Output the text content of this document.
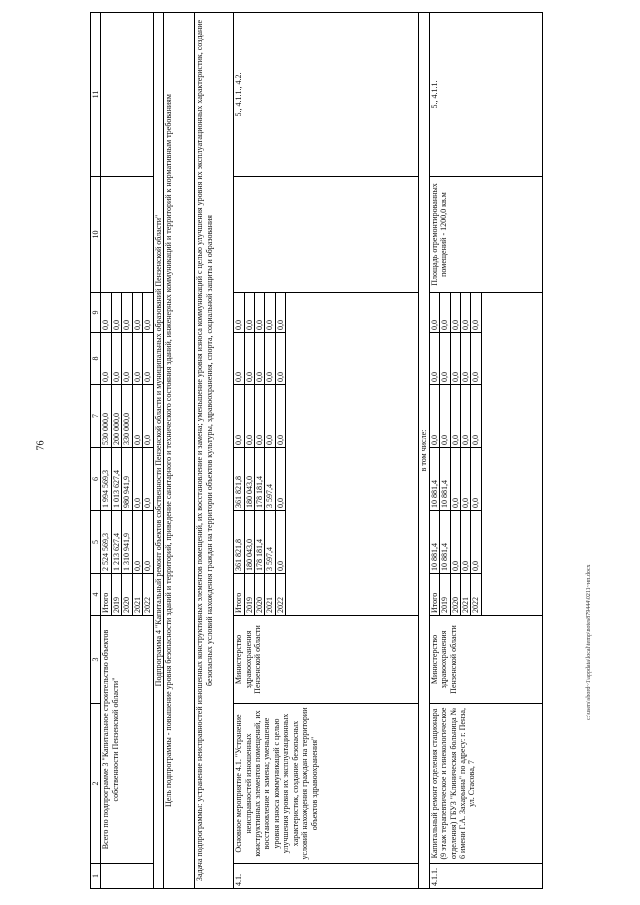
76
c:\users\sbord~1\appdata\local\temp\notes879444\0211~нп.docx
1	2	3	4	5	6	7	8	9	10	11
	Всего по подпрограмме 3 "Капитальное строительство объектов собственности Пензенской области"		Итого	2 524 569,3	1 994 569,3	530 000,0	0,0	0,0		
			2019	1 213 627,4	1 013 627,4	200 000,0	0,0	0,0		
			2020	1 310 941,9	980 941,9	330 000,0	0,0	0,0		
			2021	0,0	0,0	0,0	0,0	0,0		
			2022	0,0	0,0	0,0	0,0	0,0		
Подпрограмма 4 "Капитальный ремонт объектов собственности Пензенской области и муниципальных образований Пензенской области"										
Цель подпрограммы - повышение уровня безопасности зданий и территорий, приведение санитарного и технического состояния зданий, инженерных коммуникаций и территорий к нормативным требованиям										
Задача подпрограммы: устранение неисправностей изношенных конструктивных элементов помещений, их восстановление и замена; уменьшение уровня износа коммуникаций с целью улучшения уровня их эксплуатационных характеристик, создание безопасных условий нахождения граждан на территории объектов культуры, здравоохранения, спорта, социальной защиты и образования										
4.1.	Основное мероприятие 4.1. "Устранение неисправностей изношенных конструктивных элементов помещений, их восстановление и замена; уменьшение уровня износа коммуникаций с целью улучшения уровня их эксплуатационных характеристик, создание безопасных условий нахождения граждан на территории объектов здравоохранения"	Министерство здравоохранения Пензенской области	Итого	361 821,8	361 821,8	0,0	0,0	0,0		5., 4.1.1., 4.2.
			2019	180 043,0	180 043,0	0,0	0,0	0,0		
			2020	178 181,4	178 181,4	0,0	0,0	0,0		
			2021	3 597,4	3 597,4	0,0	0,0	0,0		
			2022	0,0	0,0	0,0	0,0	0,0		

в том числе:										
4.1.1.	Капитальный ремонт отделения стационара (9 этаж терапевтическое и гинекологическое отделения) ГБУЗ "Клиническая больница № 6 имени Г.А. Захарьина" по адресу: г. Пенза, ул. Стасова, 7	Министерство здравоохранения Пензенской области	Итого	10 881,4	10 881,4	0,0	0,0	0,0	Площадь отремонтированных помещений - 1200,0 кв.м	5., 4.1.1.
			2019	10 881,4	10 881,4	0,0	0,0	0,0		
			2020	0,0	0,0	0,0	0,0	0,0		
			2021	0,0	0,0	0,0	0,0	0,0		
			2022	0,0	0,0	0,0	0,0	0,0		
